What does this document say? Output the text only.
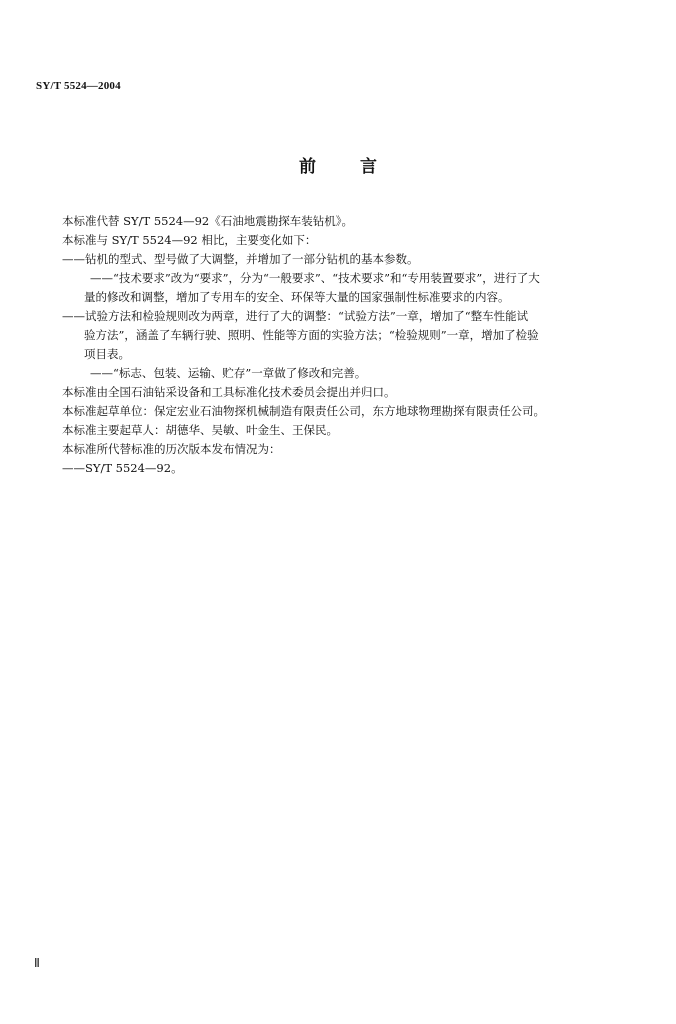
SY/T 5524—2004
前	言
本标准代替 SY/T 5524—92《石油地震勘探车装钻机》。
本标准与 SY/T 5524—92 相比，主要变化如下：
——钻机的型式、型号做了大调整，并增加了一部分钻机的基本参数。
——“技术要求”改为“要求”，分为“一般要求”、“技术要求”和“专用装置要求”，进行了大
量的修改和调整，增加了专用车的安全、环保等大量的国家强制性标准要求的内容。
——试验方法和检验规则改为两章，进行了大的调整：“试验方法”一章，增加了“整车性能试
验方法”，涵盖了车辆行驶、照明、性能等方面的实验方法；“检验规则”一章，增加了检验
项目表。
——“标志、包装、运输、贮存”一章做了修改和完善。
本标准由全国石油钻采设备和工具标准化技术委员会提出并归口。
本标准起草单位：保定宏业石油物探机械制造有限责任公司，东方地球物理勘探有限责任公司。
本标准主要起草人：胡德华、吴敏、叶金生、王保民。
本标准所代替标准的历次版本发布情况为：
——SY/T 5524—92。
Ⅱ
